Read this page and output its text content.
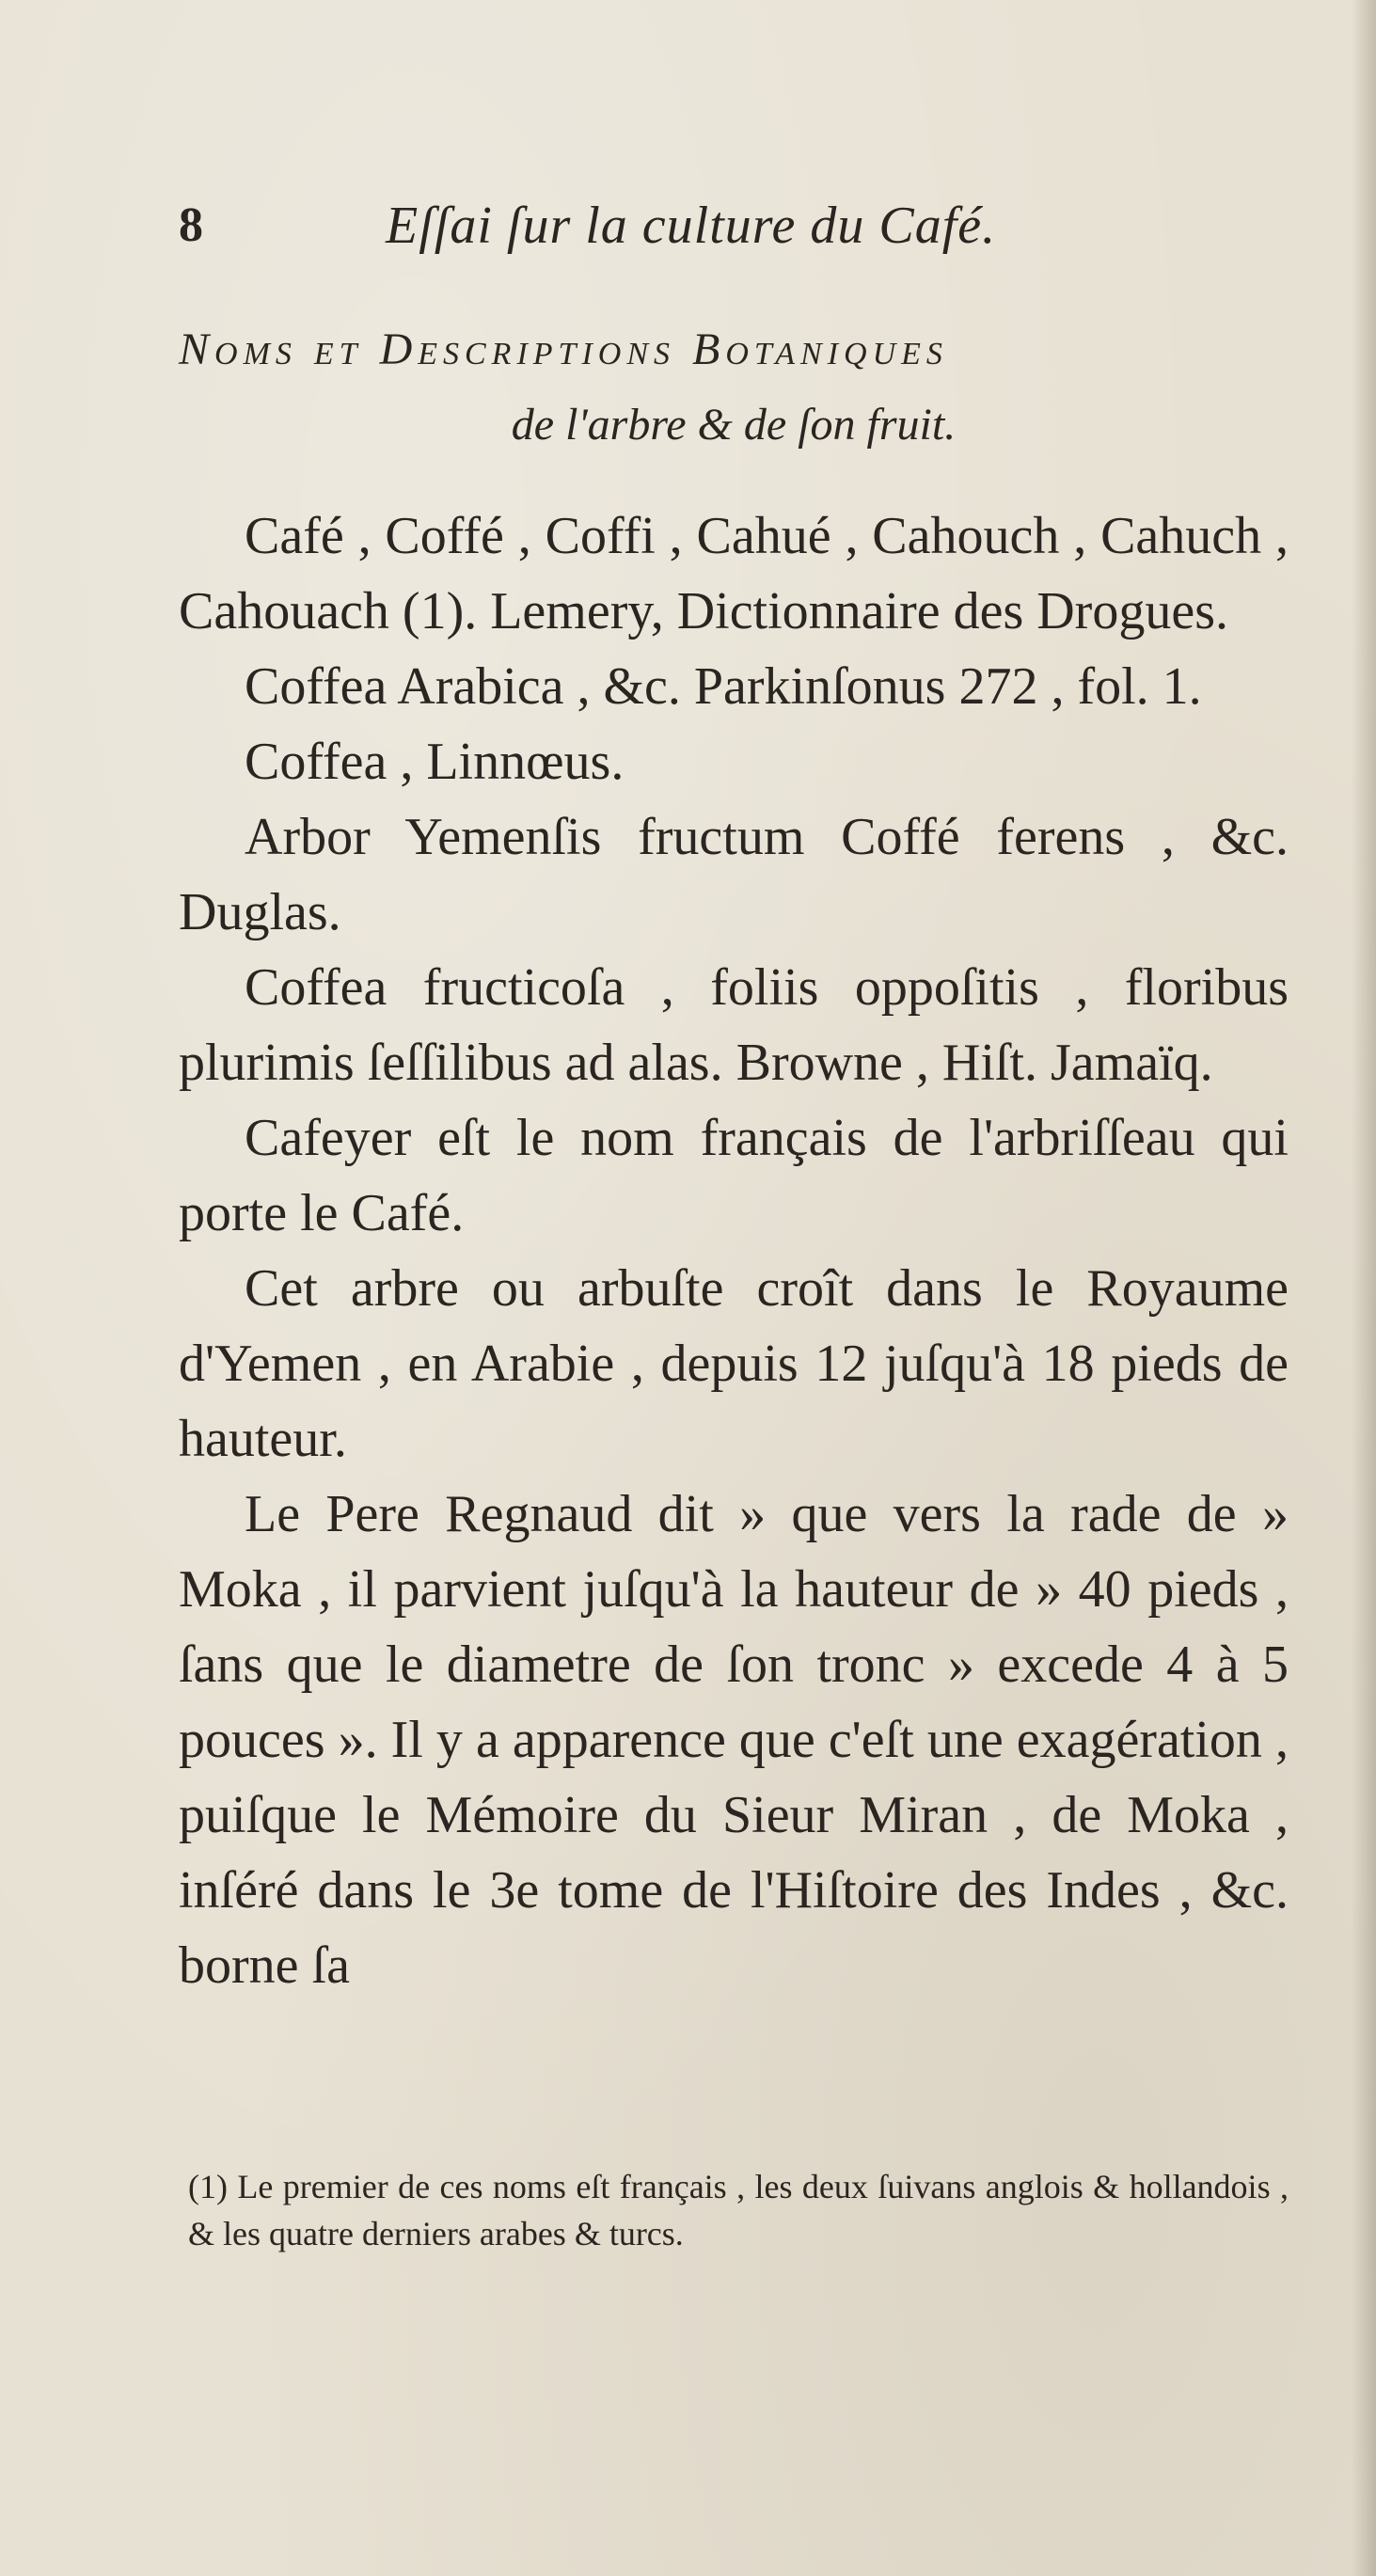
8	Eſſai ſur la culture du Café.
Noms et Descriptions Botaniques
de l'arbre & de ſon fruit.

Café , Coffé , Coffi , Cahué , Cahouch , Cahuch , Cahouach (1). Lemery, Dictionnaire des Drogues.

Coffea Arabica , &c. Parkinſonus 272 , fol. 1.

Coffea , Linnœus.

Arbor Yemenſis fructum Coffé ferens , &c. Duglas.

Coffea fructicoſa , foliis oppoſitis , floribus plurimis ſeſſilibus ad alas. Browne , Hiſt. Jamaïq.

Cafeyer eſt le nom français de l'arbriſſeau qui porte le Café.

Cet arbre ou arbuſte croît dans le Royaume d'Yemen , en Arabie , depuis 12 juſqu'à 18 pieds de hauteur.

Le Pere Regnaud dit » que vers la rade de » Moka , il parvient juſqu'à la hauteur de » 40 pieds , ſans que le diametre de ſon tronc » excede 4 à 5 pouces ». Il y a apparence que c'eſt une exagération , puiſque le Mémoire du Sieur Miran , de Moka , inſéré dans le 3e tome de l'Hiſtoire des Indes , &c. borne ſa

(1) Le premier de ces noms eſt français , les deux ſuivans anglois & hollandois , & les quatre derniers arabes & turcs.
